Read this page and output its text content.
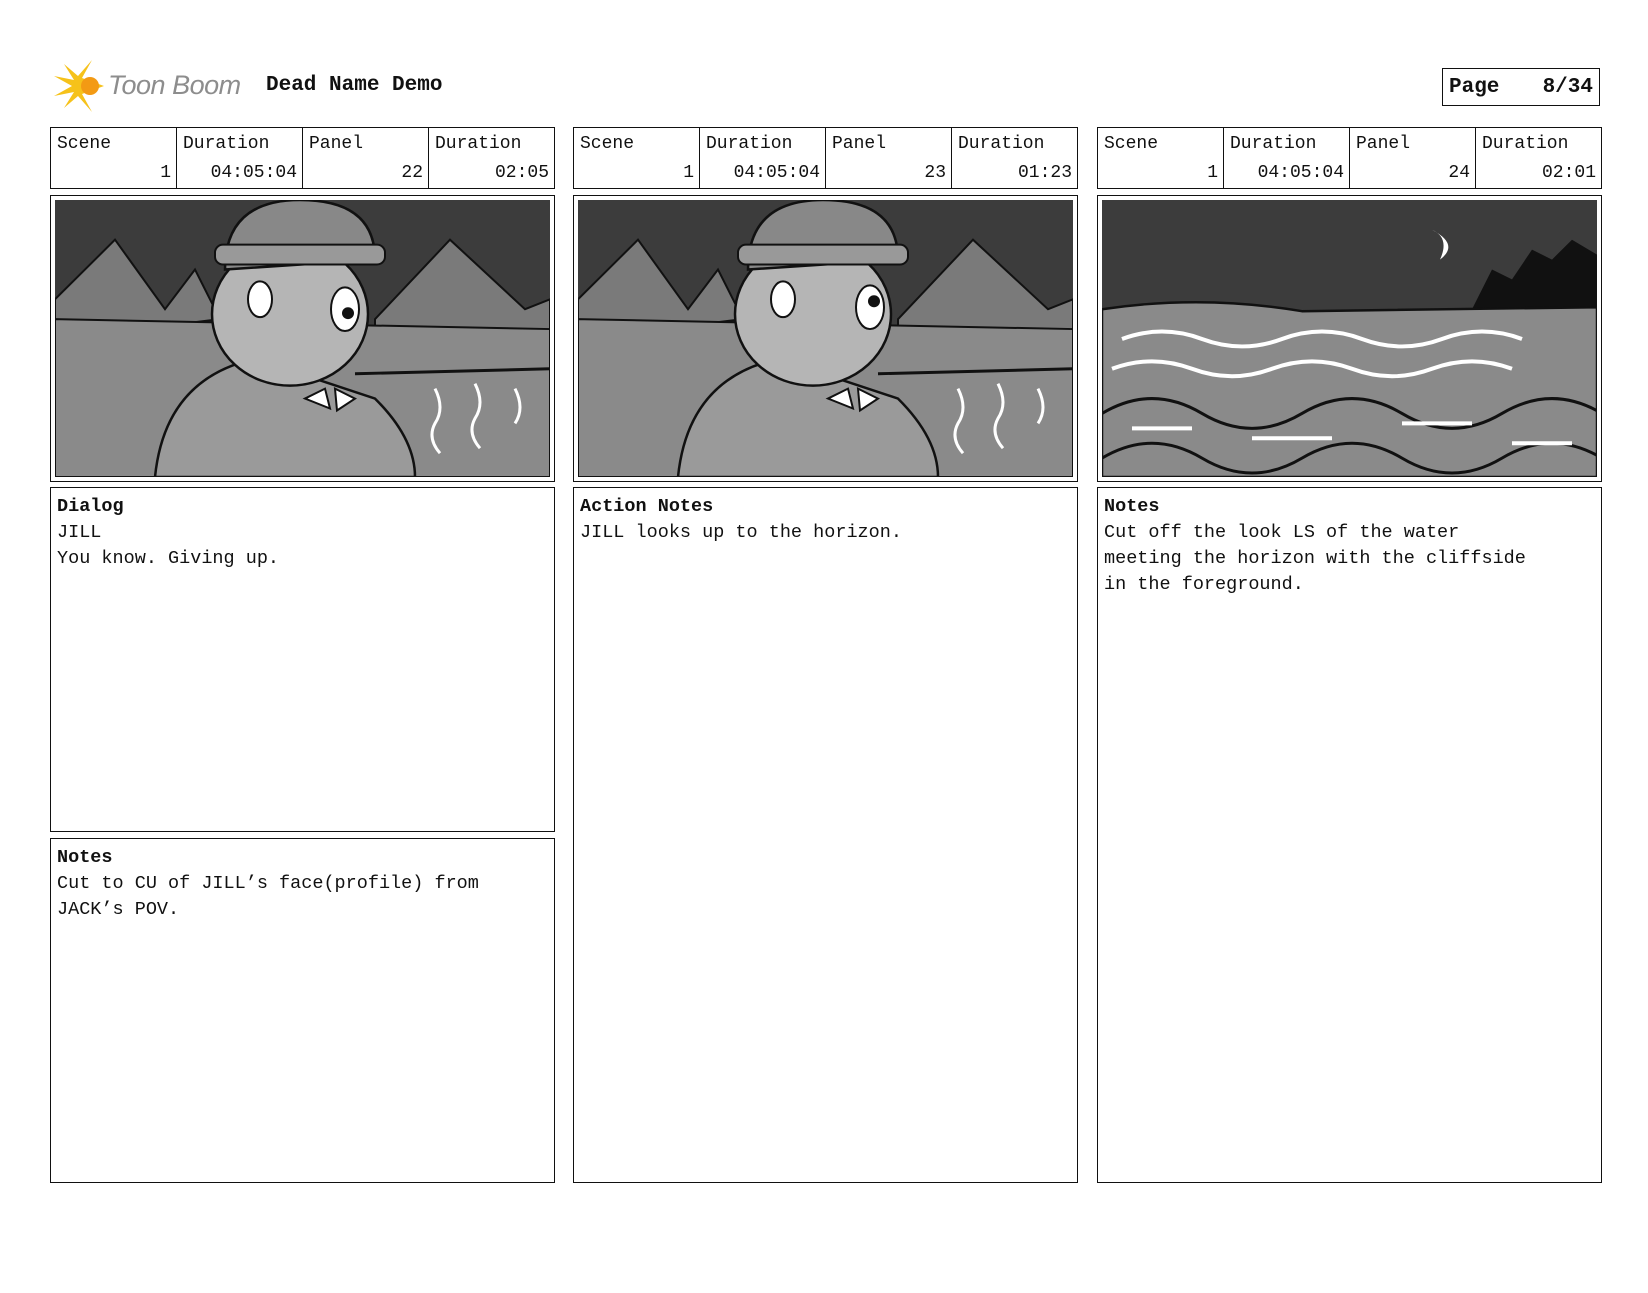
Toon Boom Dead Name Demo	Page 8/34
Scene
1
Duration
04:05:04
Panel
22
Duration
02:05
Dialog
JILL
You know. Giving up.
Notes
Cut to CU of JILL’s face(profile) from
JACK’s POV.
Scene
1
Duration
04:05:04
Panel
23
Duration
01:23
Action Notes
JILL looks up to the horizon.
Scene
1
Duration
04:05:04
Panel
24
Duration
02:01
Notes
Cut off the look LS of the water
meeting the horizon with the cliffside
in the foreground.
